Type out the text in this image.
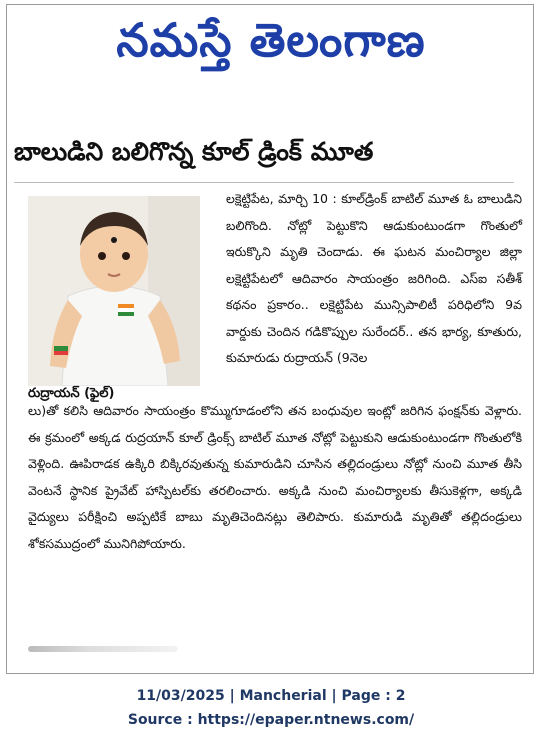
నమస్తే తెలంగాణ
బాలుడిని బలిగొన్న కూల్ డ్రింక్ మూత
రుద్రాయన్ (ఫైల్)

లక్షెట్టిపేట, మార్చి 10 : కూల్‌డ్రింక్ బాటిల్ మూత ఓ బాలుడిని బలిగొంది. నోట్లో పెట్టుకొని ఆడుకుంటుండగా గొంతులో ఇరుక్కొని మృతి చెందాడు. ఈ ఘటన మంచిర్యాల జిల్లా లక్షెట్టిపేటలో ఆదివారం సాయంత్రం జరిగింది. ఎస్ఐ సతీశ్ కథనం ప్రకారం.. లక్షెట్టిపేట మున్సిపాలిటీ పరిధిలోని 9వ వార్డుకు చెందిన గడికొప్పుల సురేందర్.. తన భార్య, కూతురు, కుమారుడు రుద్రాయన్ (9నెల

లు)తో కలిసి ఆదివారం సాయంత్రం కొమ్ముగూడంలోని తన బంధువుల ఇంట్లో జరిగిన ఫంక్షన్‌కు వెళ్లారు. ఈ క్రమంలో అక్కడ రుద్రయాన్ కూల్ డ్రింక్స్ బాటిల్ మూత నోట్లో పెట్టుకుని ఆడుకుంటుండగా గొంతులోకి వెళ్లింది. ఊపిరాడక ఉక్కిరి బిక్కిరవుతున్న కుమారుడిని చూసిన తల్లిదండ్రులు నోట్లో నుంచి మూత తీసి వెంటనే స్థానిక ప్రైవేట్ హాస్పిటల్‌కు తరలించారు. అక్కడి నుంచి మంచిర్యాలకు తీసుకెళ్లగా, అక్కడి వైద్యులు పరీక్షించి అప్పటికే బాబు మృతిచెందినట్లు తెలిపారు. కుమారుడి మృతితో తల్లిదండ్రులు శోకసముద్రంలో మునిగిపోయారు.

11/03/2025 | Mancherial | Page : 2
Source : https://epaper.ntnews.com/
